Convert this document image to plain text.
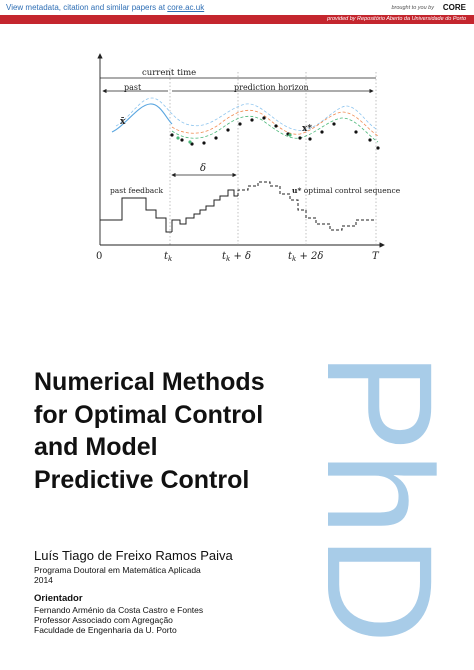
View metadata, citation and similar papers at core.ac.uk	brought to you by CORE
provided by Repositório Aberto da Universidade do Porto
current time
past	prediction horizon
x̄
x*
δ
past feedback	u* optimal control sequence
0	$t_k$	$t_k + \delta$	$t_k + 2\delta$	T
PhD
Numerical Methods
for Optimal Control
and Model
Predictive Control
Luís Tiago de Freixo Ramos Paiva
Programa Doutoral em Matemática Aplicada
2014
Orientador
Fernando Arménio da Costa Castro e Fontes
Professor Associado com Agregação
Faculdade de Engenharia da U. Porto
